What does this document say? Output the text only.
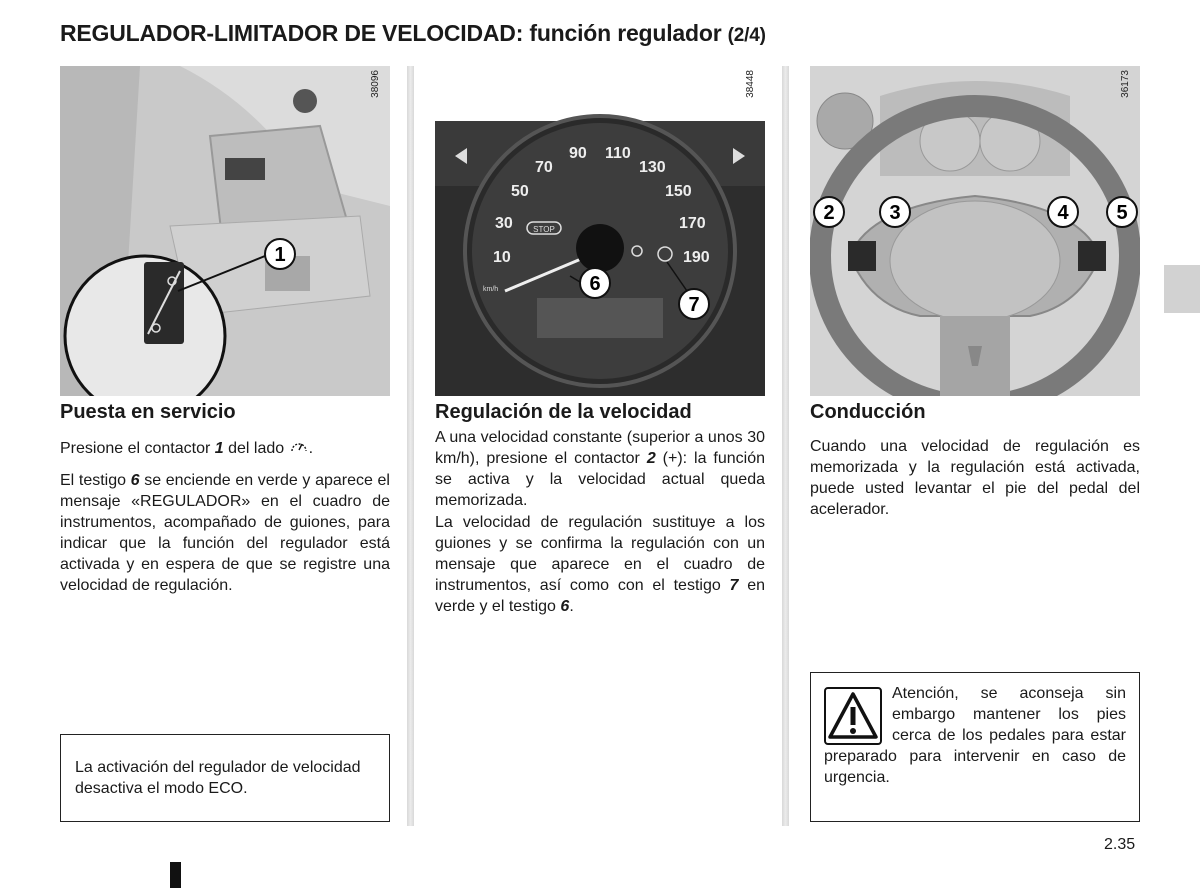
REGULADOR-LIMITADOR DE VELOCIDAD: función regulador (2/4)
38096
1	10
30
50
70
90 110
130
150
170
190
STOP
km/h
38448
6
7
36173
2	3	4 5
Puesta en servicio
Presione el contactor 1 del lado .
El testigo 6 se enciende en verde y aparece el mensaje «REGULADOR» en el cuadro de instrumentos, acompañado de guiones, para indicar que la función del regulador está activada y en espera de que se registre una velocidad de regulación.
La activación del regulador de velocidad desactiva el modo ECO.
Regulación de la velocidad
A una velocidad constante (superior a unos 30 km/h), presione el contactor 2 (+): la función se activa y la velocidad actual queda memorizada.
La velocidad de regulación sustituye a los guiones y se confirma la regulación con un mensaje que aparece en el cuadro de instrumentos, así como con el testigo 7 en verde y el testigo 6.
Conducción
Cuando una velocidad de regulación es memorizada y la regulación está activada, puede usted levantar el pie del pedal del acelerador.
Atención, se aconseja sin embargo mantener los pies cerca de los pedales para estar preparado para intervenir en caso de urgencia.
2.35
